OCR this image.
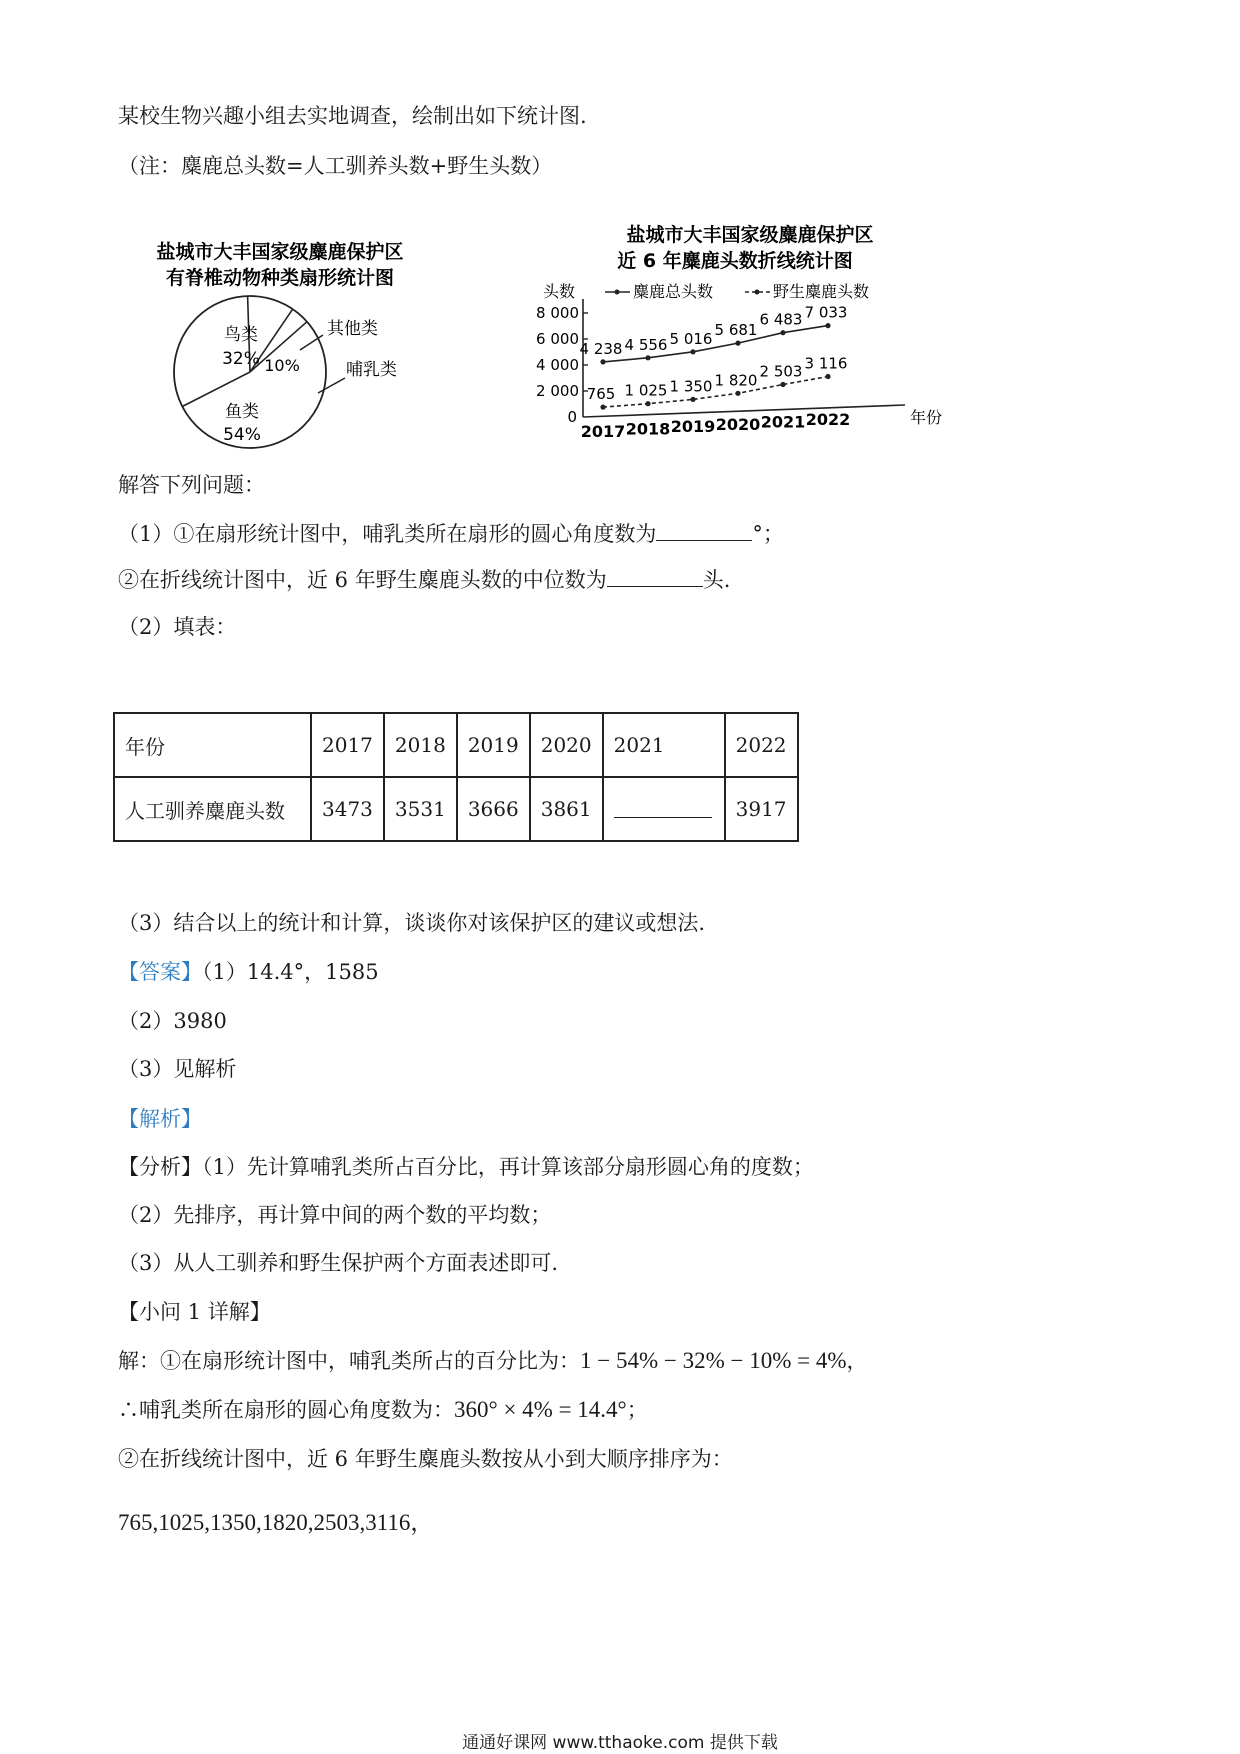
某校生物兴趣小组去实地调查，绘制出如下统计图.
（注：麋鹿总头数=人工驯养头数+野生头数）
盐城市大丰国家级麋鹿保护区
有脊椎动物种类扇形统计图
鸟类
32%
鱼类
54%
10%
其他类
哺乳类
盐城市大丰国家级麋鹿保护区
近 6 年麋鹿头数折线统计图
麋鹿总头数	野生麋鹿头数
头数
年份
8 000
6 000
4 000
2 000
0
2017 2018 2019 2020 2021 2022
4 238 4 556 5 016 5 681
6 483 7 033
765 1 025 1 350 1 820 2 503 3 116
解答下列问题：
（1）①在扇形统计图中，哺乳类所在扇形的圆心角度数为	°；
②在折线统计图中，近 6 年野生麋鹿头数的中位数为	头.
（2）填表：
年份	2017	2018	2019	2020	2021	2022
人工驯养麋鹿头数	3473	3531	3666	3861		3917
（3）结合以上的统计和计算，谈谈你对该保护区的建议或想法.
【答案】（1）14.4°，1585
（2）3980
（3）见解析
【解析】
【分析】（1）先计算哺乳类所占百分比，再计算该部分扇形圆心角的度数；
（2）先排序，再计算中间的两个数的平均数；
（3）从人工驯养和野生保护两个方面表述即可.
【小问 1 详解】
解：①在扇形统计图中，哺乳类所占的百分比为：1 − 54% − 32% − 10% = 4%，
∴哺乳类所在扇形的圆心角度数为：360° × 4% = 14.4°；
②在折线统计图中，近 6 年野生麋鹿头数按从小到大顺序排序为：
765,1025,1350,1820,2503,3116，
通通好课网 www.tthaoke.com 提供下载
